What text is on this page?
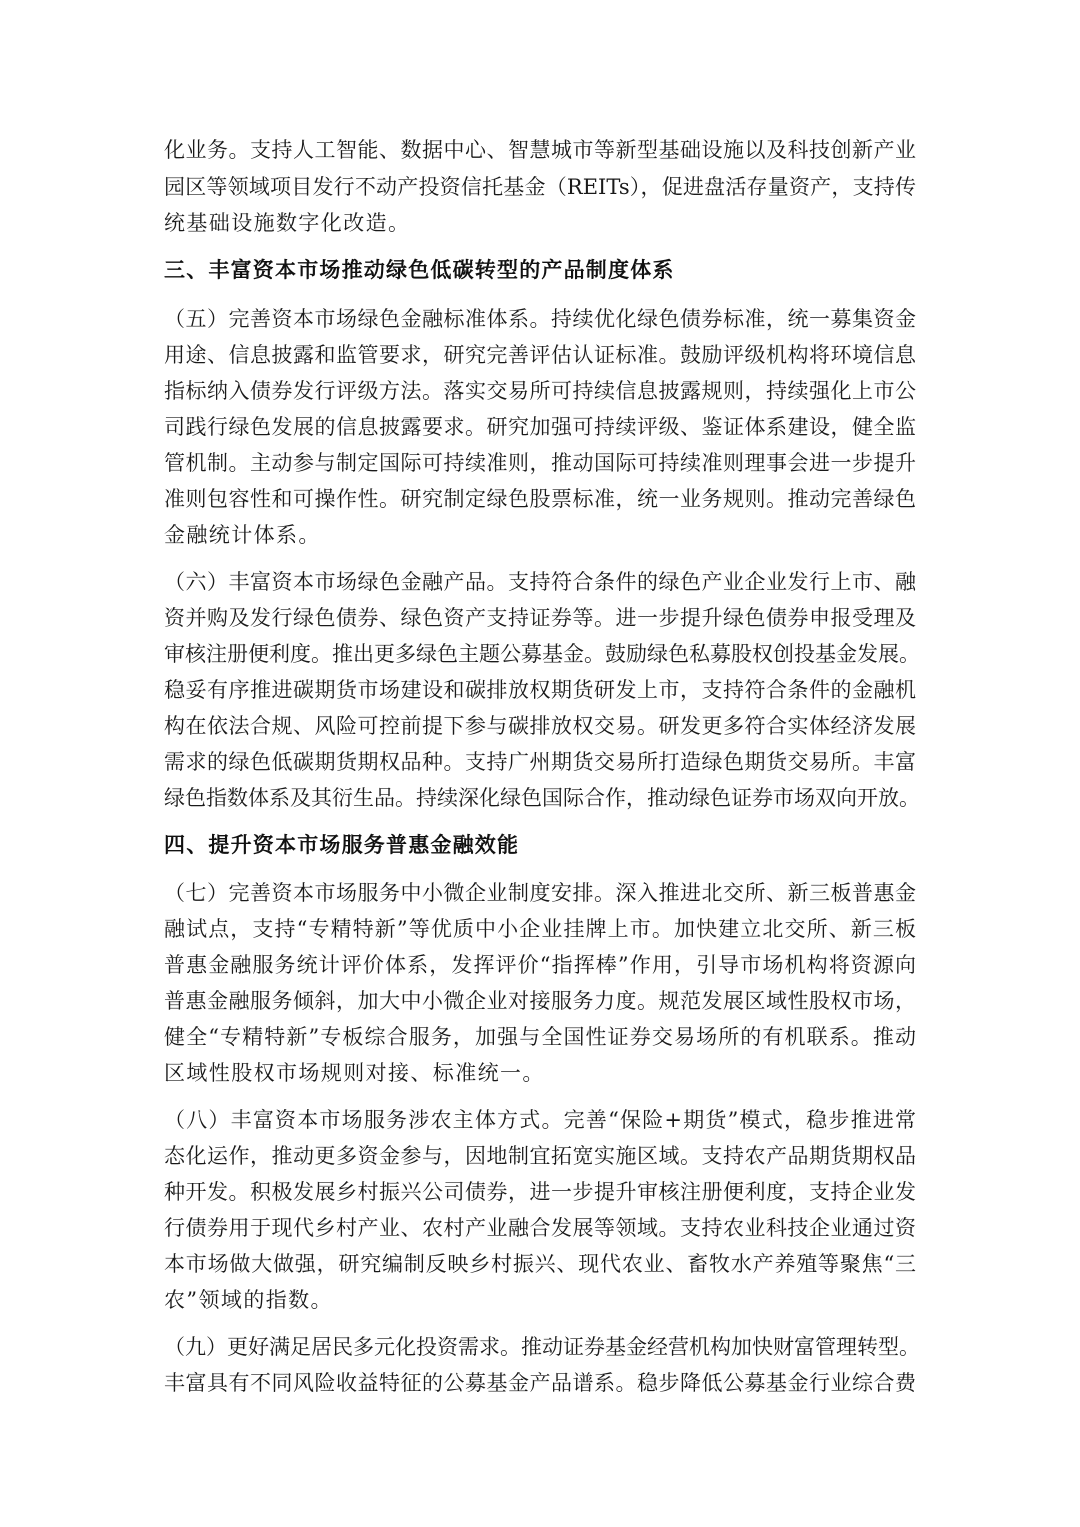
化业务。支持人工智能、数据中心、智慧城市等新型基础设施以及科技创新产业
园区等领域项目发行不动产投资信托基金（REITs），促进盘活存量资产，支持传
统基础设施数字化改造。
三、丰富资本市场推动绿色低碳转型的产品制度体系
（五）完善资本市场绿色金融标准体系。持续优化绿色债券标准，统一募集资金
用途、信息披露和监管要求，研究完善评估认证标准。鼓励评级机构将环境信息
指标纳入债券发行评级方法。落实交易所可持续信息披露规则，持续强化上市公
司践行绿色发展的信息披露要求。研究加强可持续评级、鉴证体系建设，健全监
管机制。主动参与制定国际可持续准则，推动国际可持续准则理事会进一步提升
准则包容性和可操作性。研究制定绿色股票标准，统一业务规则。推动完善绿色
金融统计体系。
（六）丰富资本市场绿色金融产品。支持符合条件的绿色产业企业发行上市、融
资并购及发行绿色债券、绿色资产支持证券等。进一步提升绿色债券申报受理及
审核注册便利度。推出更多绿色主题公募基金。鼓励绿色私募股权创投基金发展。
稳妥有序推进碳期货市场建设和碳排放权期货研发上市，支持符合条件的金融机
构在依法合规、风险可控前提下参与碳排放权交易。研发更多符合实体经济发展
需求的绿色低碳期货期权品种。支持广州期货交易所打造绿色期货交易所。丰富
绿色指数体系及其衍生品。持续深化绿色国际合作，推动绿色证券市场双向开放。
四、提升资本市场服务普惠金融效能
（七）完善资本市场服务中小微企业制度安排。深入推进北交所、新三板普惠金
融试点，支持“专精特新”等优质中小企业挂牌上市。加快建立北交所、新三板
普惠金融服务统计评价体系，发挥评价“指挥棒”作用，引导市场机构将资源向
普惠金融服务倾斜，加大中小微企业对接服务力度。规范发展区域性股权市场，
健全“专精特新”专板综合服务，加强与全国性证券交易场所的有机联系。推动
区域性股权市场规则对接、标准统一。
（八）丰富资本市场服务涉农主体方式。完善“保险+期货”模式，稳步推进常
态化运作，推动更多资金参与，因地制宜拓宽实施区域。支持农产品期货期权品
种开发。积极发展乡村振兴公司债券，进一步提升审核注册便利度，支持企业发
行债券用于现代乡村产业、农村产业融合发展等领域。支持农业科技企业通过资
本市场做大做强，研究编制反映乡村振兴、现代农业、畜牧水产养殖等聚焦“三
农”领域的指数。
（九）更好满足居民多元化投资需求。推动证券基金经营机构加快财富管理转型。
丰富具有不同风险收益特征的公募基金产品谱系。稳步降低公募基金行业综合费
